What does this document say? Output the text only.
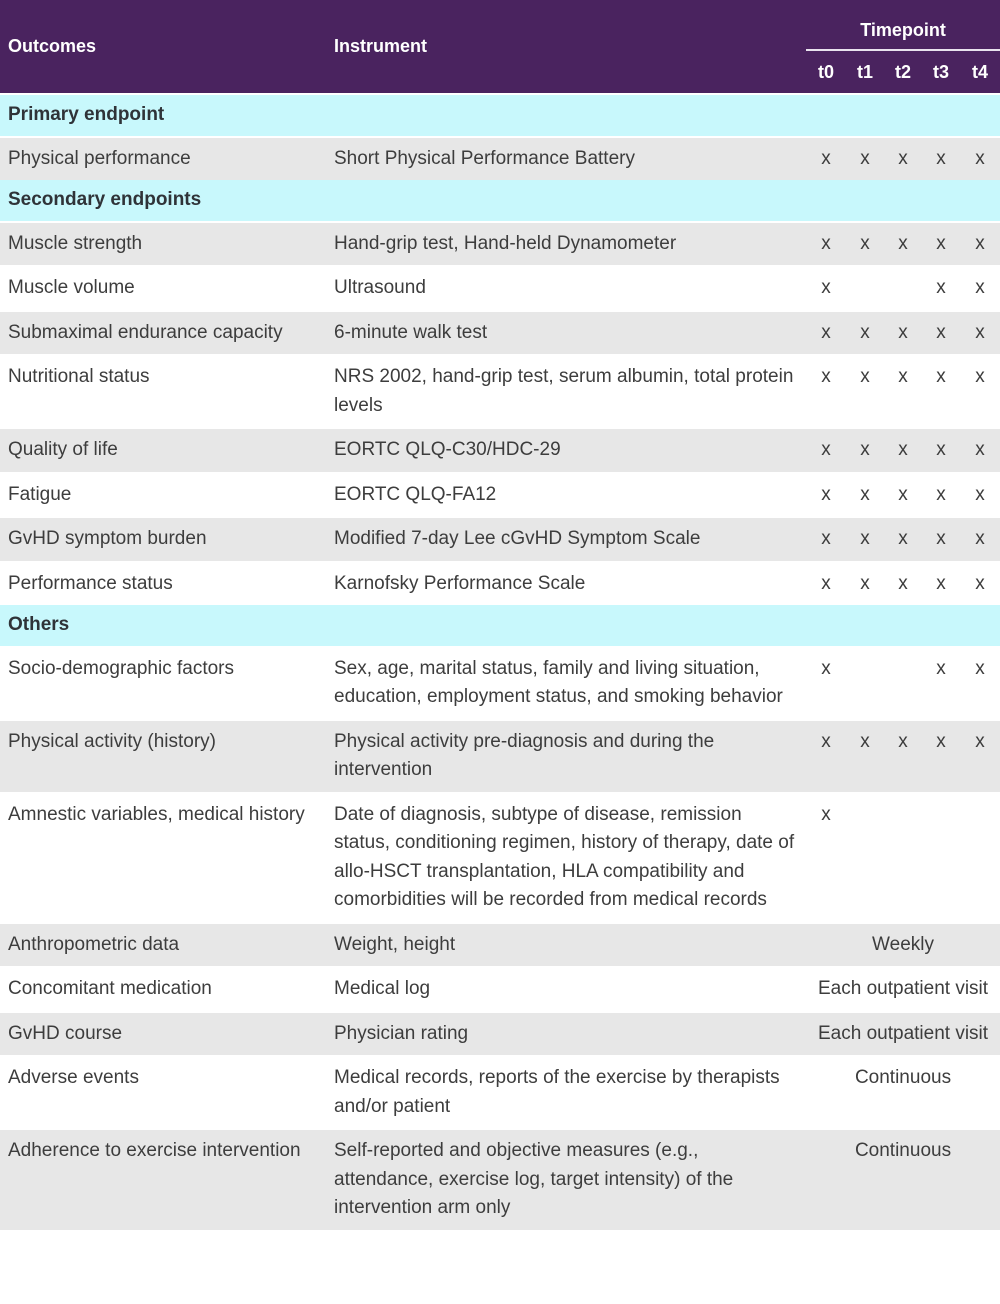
Outcomes	Instrument	Timepoint				
		t0	t1	t2	t3	t4
Primary endpoint						
Physical performance	Short Physical Performance Battery	x	x	x	x	x
Secondary endpoints						
Muscle strength	Hand-grip test, Hand-held Dynamometer	x	x	x	x	x
Muscle volume	Ultrasound	x			x	x
Submaximal endurance capacity	6-minute walk test	x	x	x	x	x
Nutritional status	NRS 2002, hand-grip test, serum albumin, total protein levels	x	x	x	x	x
Quality of life	EORTC QLQ-C30/HDC-29	x	x	x	x	x
Fatigue	EORTC QLQ-FA12	x	x	x	x	x
GvHD symptom burden	Modified 7-day Lee cGvHD Symptom Scale	x	x	x	x	x
Performance status	Karnofsky Performance Scale	x	x	x	x	x
Others						
Socio-demographic factors	Sex, age, marital status, family and living situation, education, employment status, and smoking behavior	x			x	x
Physical activity (history)	Physical activity pre-diagnosis and during the intervention	x	x	x	x	x
Amnestic variables, medical history	Date of diagnosis, subtype of disease, remission status, conditioning regimen, history of therapy, date of allo-HSCT transplantation, HLA compatibility and comorbidities will be recorded from medical records	x				
Anthropometric data	Weight, height	Weekly				
Concomitant medication	Medical log	Each outpatient visit				
GvHD course	Physician rating	Each outpatient visit				
Adverse events	Medical records, reports of the exercise by therapists and/or patient	Continuous				
Adherence to exercise intervention	Self-reported and objective measures (e.g., attendance, exercise log, target intensity) of the intervention arm only	Continuous				
